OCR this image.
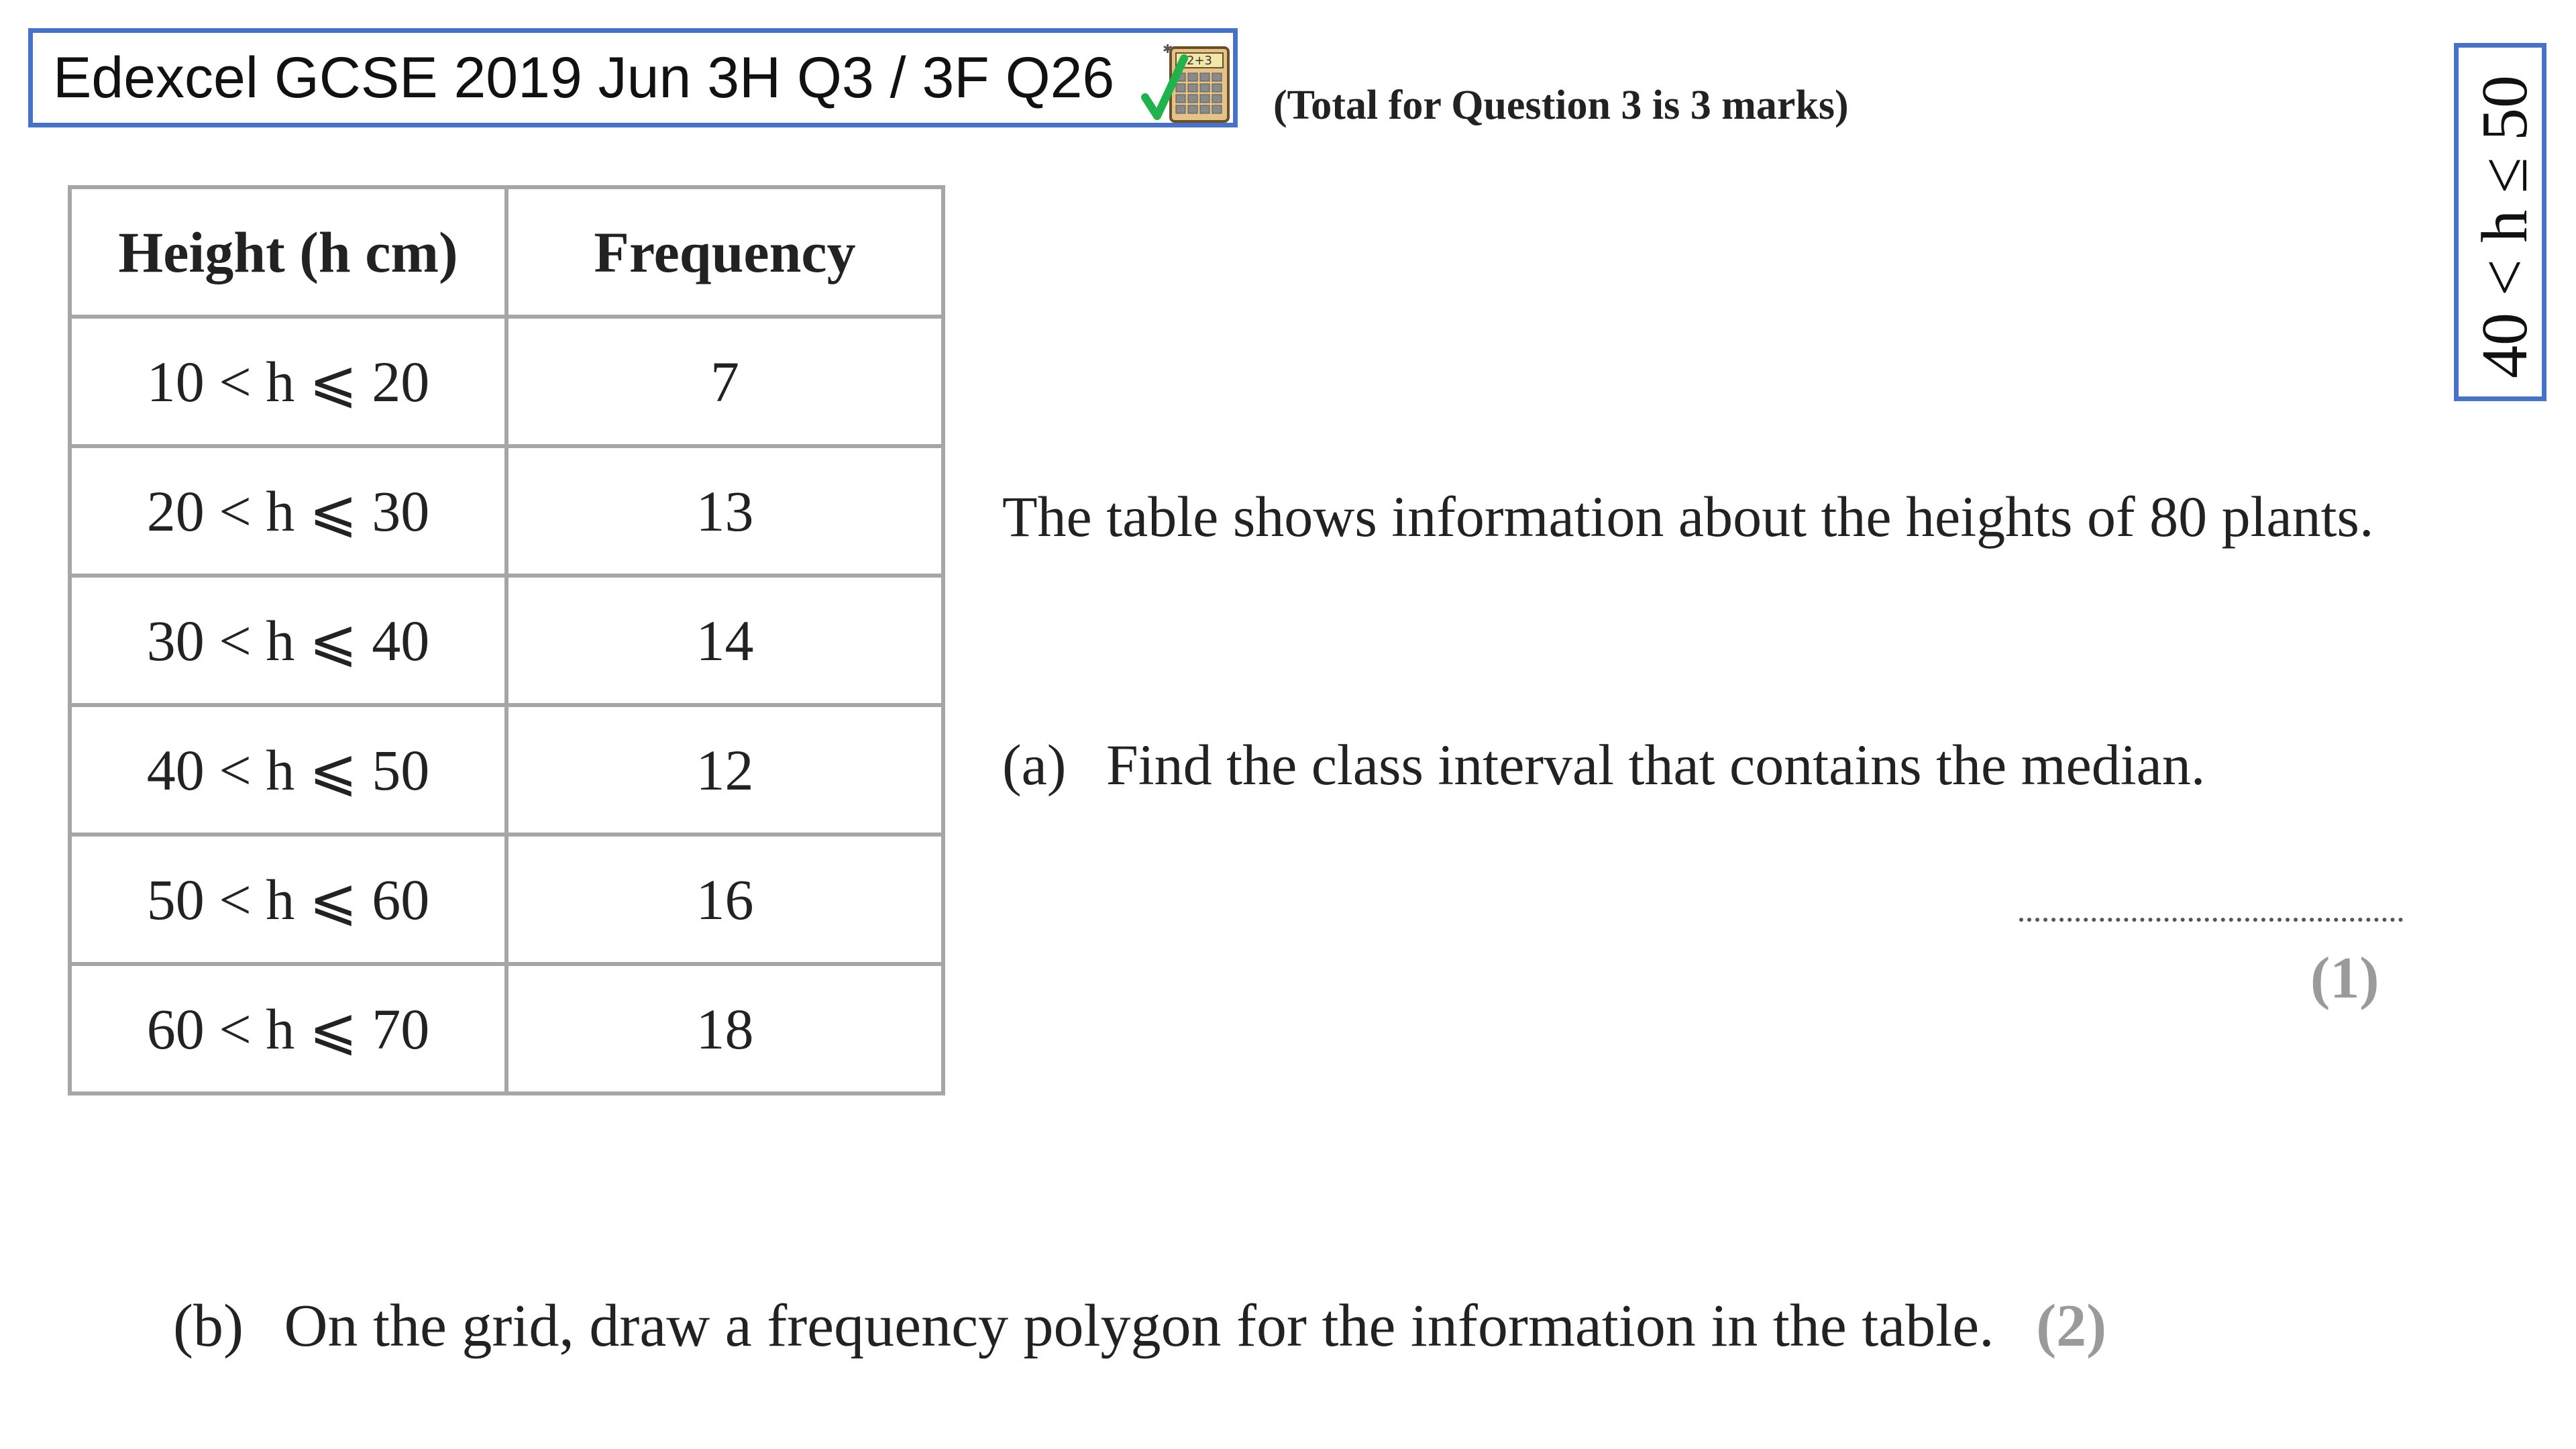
Edexcel GCSE 2019 Jun 3H Q3 / 3F Q26	2+3
✱
(Total for Question 3 is 3 marks)	40 < h ≤ 50
Height (h cm)	Frequency
10 < h ⩽ 20	7
20 < h ⩽ 30	13
30 < h ⩽ 40	14
40 < h ⩽ 50	12
50 < h ⩽ 60	16
60 < h ⩽ 70	18
The table shows information about the heights of 80 plants.
(a) Find the class interval that contains the median.
(1)
(b) On the grid, draw a frequency polygon for the information in the table. (2)
